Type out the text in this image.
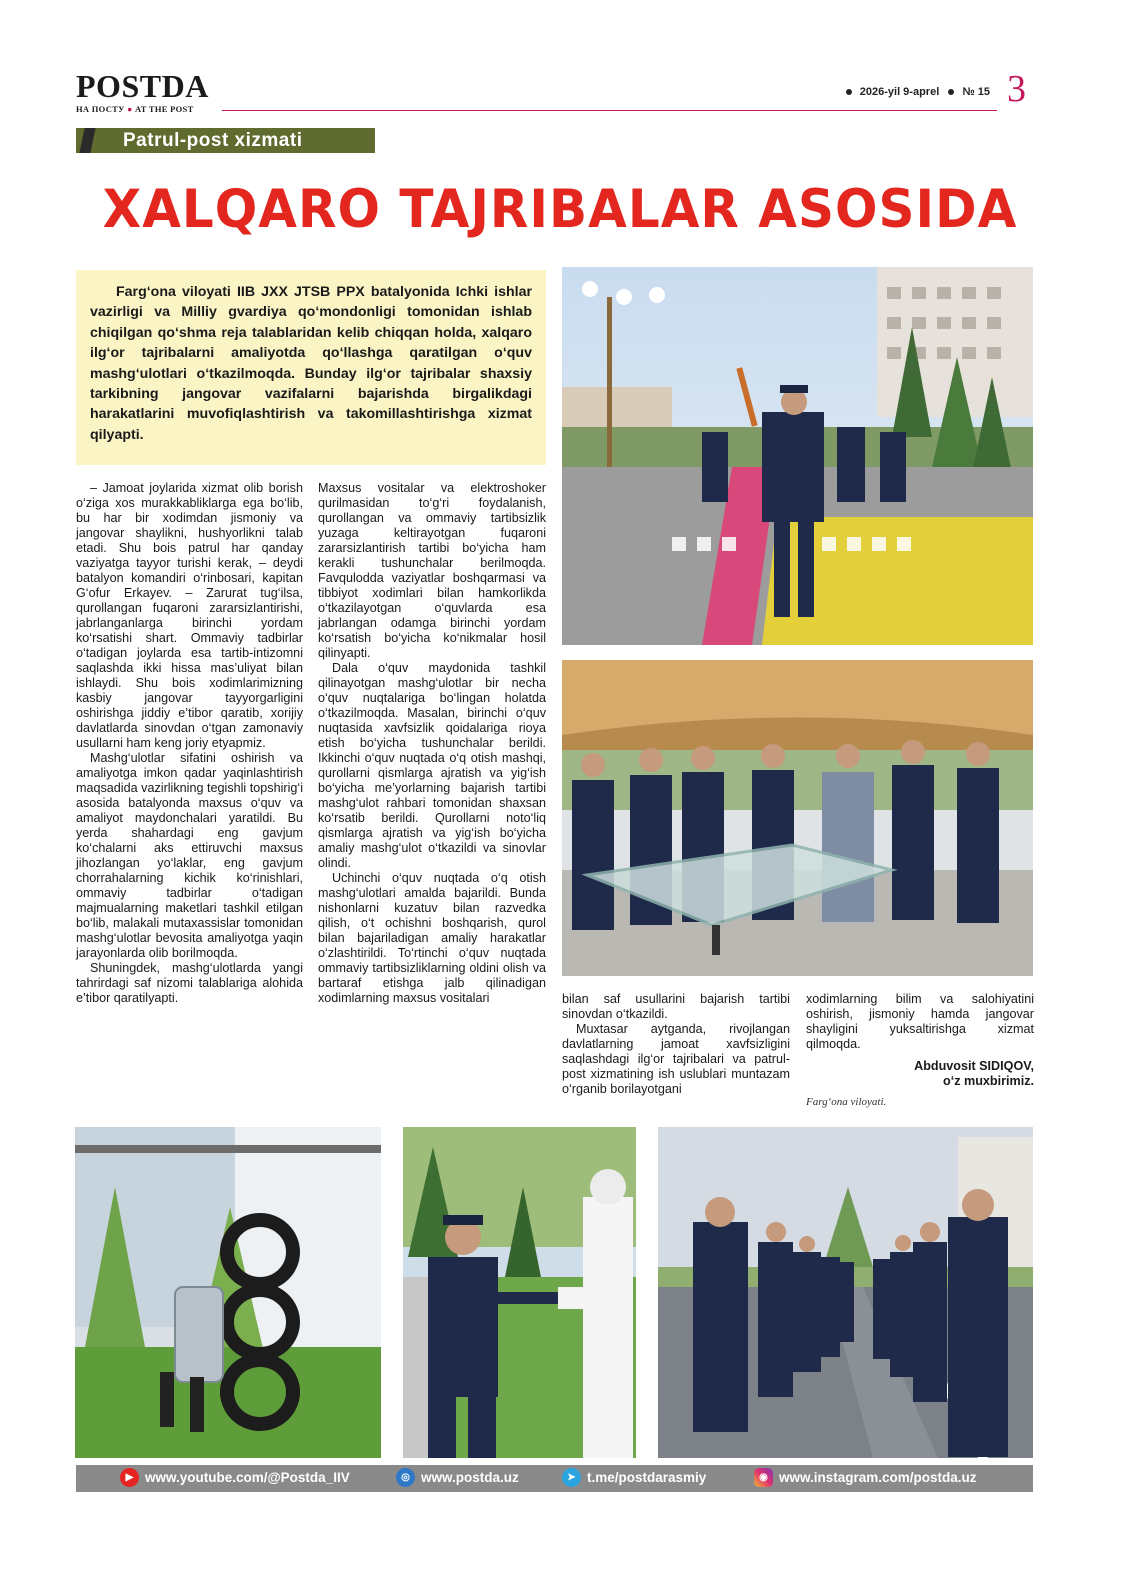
POSTDA
НА ПОСТУ ● AT THE POST
2026-yil 9-aprel № 15 3
Patrul-post xizmati
XALQARO TAJRIBALAR ASOSIDA

Farg‘ona viloyati IIB JXX JTSB PPX batalyonida Ichki ishlar vazirligi va Milliy gvardiya qo‘mondonligi tomonidan ishlab chiqilgan qo‘shma reja talablaridan kelib chiqqan holda, xalqaro ilg‘or tajribalarni amaliyotda qo‘llashga qaratilgan o‘quv mashg‘ulotlari o‘tkazilmoqda. Bunday ilg‘or tajribalar shaxsiy tarkibning jangovar vazifalarni bajarishda birgalikdagi harakatlarini muvofiqlashtirish va takomillashtirishga xizmat qilyapti.

– Jamoat joylarida xizmat olib borish o‘ziga xos murakkabliklarga ega bo‘lib, bu har bir xodimdan jismoniy va jangovar shaylikni, hushyorlikni talab etadi. Shu bois patrul har qanday vaziyatga tayyor turishi kerak, – deydi batalyon komandiri o‘rinbosari, kapitan G‘ofur Erkayev. – Zarurat tug‘ilsa, qurollangan fuqaroni zararsizlantirishi, jabrlanganlarga birinchi yordam ko‘rsatishi shart. Ommaviy tadbirlar o‘tadigan joylarda esa tartib-intizomni saqlashda ikki hissa mas’uliyat bilan ishlaydi. Shu bois xodimlarimizning kasbiy jangovar tayyorgarligini oshirishga jiddiy e’tibor qaratib, xorijiy davlatlarda sinovdan o‘tgan zamonaviy usullarni ham keng joriy etyapmiz.

Mashg‘ulotlar sifatini oshirish va amaliyotga imkon qadar yaqinlashtirish maqsadida vazirlikning tegishli topshirig‘i asosida batalyonda maxsus o‘quv va amaliyot maydonchalari yaratildi. Bu yerda shahardagi eng gavjum ko‘chalarni aks ettiruvchi maxsus jihozlangan yo‘laklar, eng gavjum chorrahalarning kichik ko‘rinishlari, ommaviy tadbirlar o‘tadigan majmualarning maketlari tashkil etilgan bo‘lib, malakali mutaxassislar tomonidan mashg‘ulotlar bevosita amaliyotga yaqin jarayonlarda olib borilmoqda.

Shuningdek, mashg‘ulotlarda yangi tahrirdagi saf nizomi talablariga alohida e’tibor qaratilyapti.

Maxsus vositalar va elektroshoker qurilmasidan to‘g‘ri foydalanish, qurollangan va ommaviy tartibsizlik yuzaga keltirayotgan fuqaroni zararsizlantirish tartibi bo‘yicha ham kerakli tushunchalar berilmoqda. Favqulodda vaziyatlar boshqarmasi va tibbiyot xodimlari bilan hamkorlikda o‘tkazilayotgan o‘quvlarda esa jabrlangan odamga birinchi yordam ko‘rsatish bo‘yicha ko‘nikmalar hosil qilinyapti.

Dala o‘quv maydonida tashkil qilinayotgan mashg‘ulotlar bir necha o‘quv nuqtalariga bo‘lingan holatda o‘tkazilmoqda. Masalan, birinchi o‘quv nuqtasida xavfsizlik qoidalariga rioya etish bo‘yicha tushunchalar berildi. Ikkinchi o‘quv nuqtada o‘q otish mashqi, qurollarni qismlarga ajratish va yig‘ish bo‘yicha me’yorlarning bajarish tartibi mashg‘ulot rahbari tomonidan shaxsan ko‘rsatib berildi. Qurollarni noto‘liq qismlarga ajratish va yig‘ish bo‘yicha amaliy mashg‘ulot o‘tkazildi va sinovlar olindi.

Uchinchi o‘quv nuqtada o‘q otish mashg‘ulotlari amalda bajarildi. Bunda nishonlarni kuzatuv bilan razvedka qilish, o‘t ochishni boshqarish, qurol bilan bajariladigan amaliy harakatlar o‘zlashtirildi. To‘rtinchi o‘quv nuqtada ommaviy tartibsizliklarning oldini olish va bartaraf etishga jalb qilinadigan xodimlarning maxsus vositalari	bilan saf usullarini bajarish tartibi sinovdan o‘tkazildi.

Muxtasar aytganda, rivojlangan davlatlarning jamoat xavfsizligini saqlashdagi ilg‘or tajribalari va patrul-post xizmatining ish uslublari muntazam o‘rganib borilayotgani

xodimlarning bilim va salohiyatini oshirish, jismoniy hamda jangovar shayligini yuksaltirishga xizmat qilmoqda.

Abduvosit SIDIQOV,
o‘z muxbirimiz.
Farg‘ona viloyati.
▶ www.youtube.com/@Postda_IIV	◎ www.postda.uz	➤ t.me/postdarasmiy	◉ www.instagram.com/postda.uz
